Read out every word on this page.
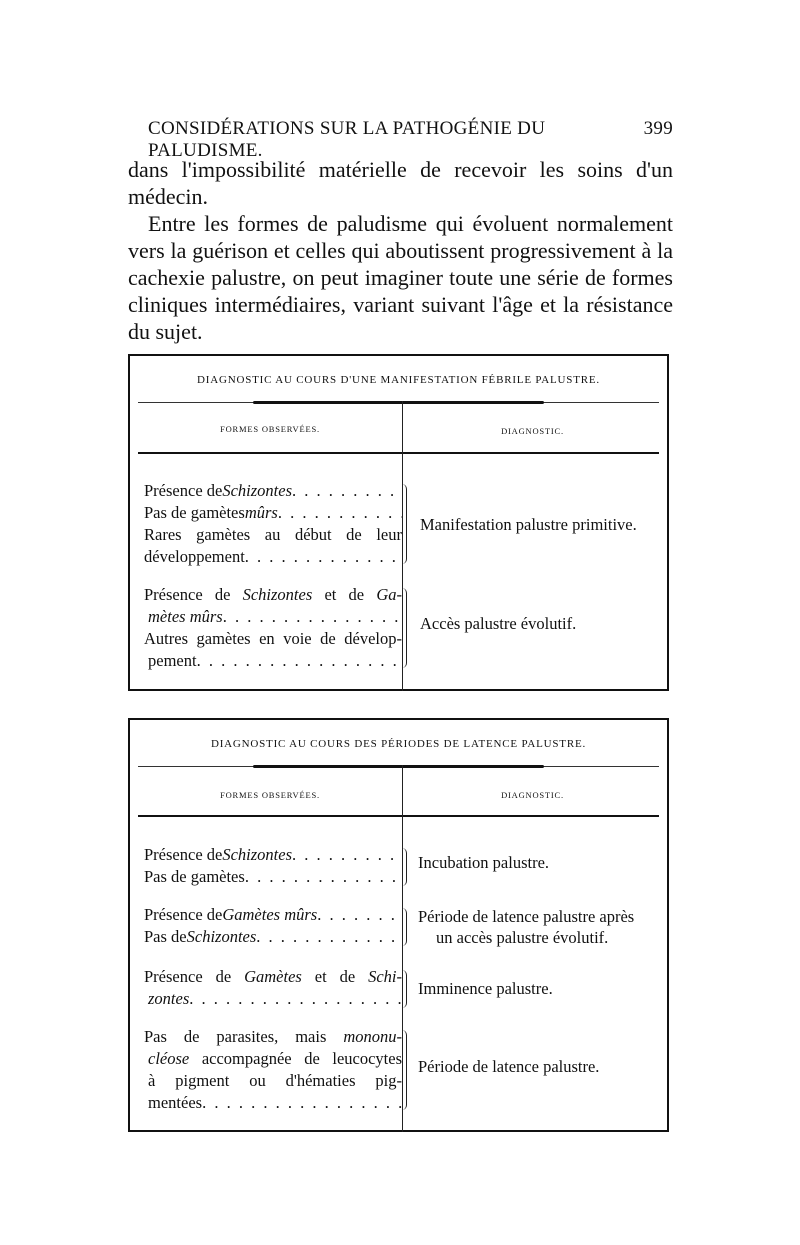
CONSIDÉRATIONS SUR LA PATHOGÉNIE DU PALUDISME.
399
dans l'impossibilité matérielle de recevoir les soins d'un médecin.
Entre les formes de paludisme qui évoluent normalement vers la guérison et celles qui aboutissent progressivement à la cachexie palustre, on peut imaginer toute une série de formes cliniques intermédiaires, variant suivant l'âge et la résistance du sujet.
DIAGNOSTIC AU COURS D'UNE MANIFESTATION FÉBRILE PALUSTRE.
FORMES OBSERVÉES.	DIAGNOSTIC.
Présence de Schizontes
. . .
Pas de gamètes mûrs
. . .
Rares gamètes au début de leur
développement
. . .
Manifestation palustre primitive.
Présence de Schizontes et de Ga-
mètes mûrs
. . .
Autres gamètes en voie de dévelop-
pement
. . .
Accès palustre évolutif.
DIAGNOSTIC AU COURS DES PÉRIODES DE LATENCE PALUSTRE.
FORMES OBSERVÉES.	DIAGNOSTIC.
Présence de Schizontes
. . .
Pas de gamètes
. . .
Incubation palustre.
Présence de Gamètes mûrs
. . .
Pas de Schizontes
. . .
Période de latence palustre après
un accès palustre évolutif.
Présence de Gamètes et de Schi-
zontes
. . .
Imminence palustre.
Pas de parasites, mais mononu-
cléose accompagnée de leucocytes
à pigment ou d'hématies pig-
mentées
. . .
Période de latence palustre.
